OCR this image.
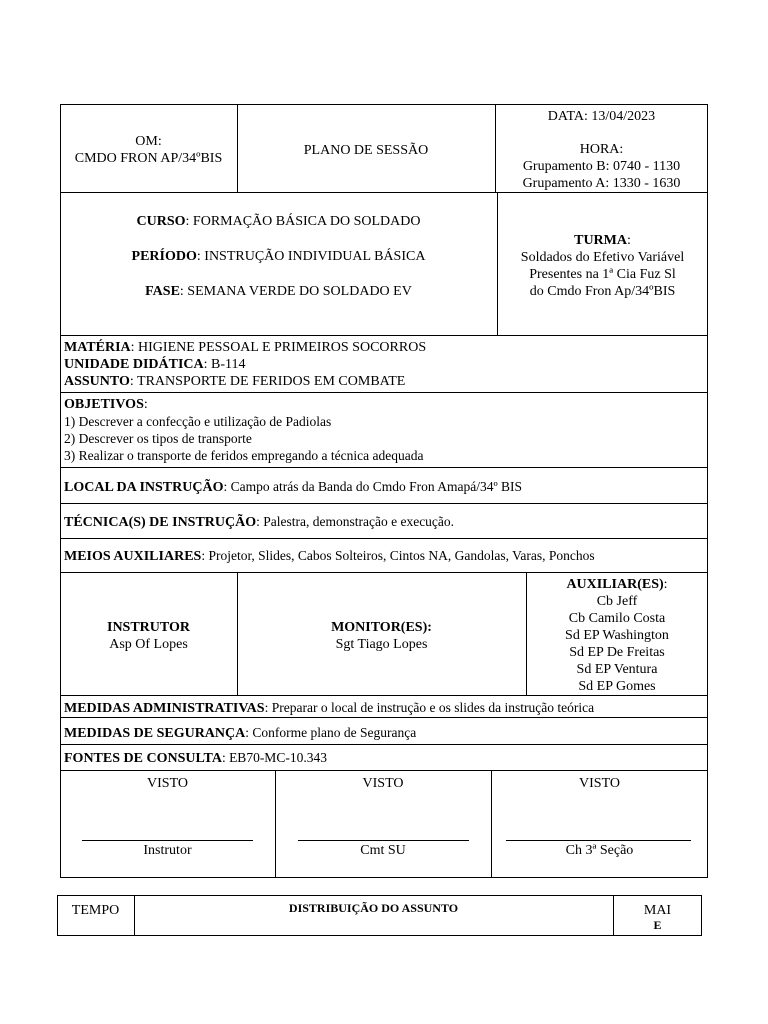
OM:
CMDO FRON AP/34ºBIS
PLANO DE SESSÃO
DATA: 13/04/2023
HORA:
Grupamento B: 0740 - 1130
Grupamento A: 1330 - 1630
CURSO: FORMAÇÃO BÁSICA DO SOLDADO
PERÍODO: INSTRUÇÃO INDIVIDUAL BÁSICA
FASE: SEMANA VERDE DO SOLDADO EV
TURMA:
Soldados do Efetivo Variável
Presentes na 1ª Cia Fuz Sl
do Cmdo Fron Ap/34ºBIS
MATÉRIA: HIGIENE PESSOAL E PRIMEIROS SOCORROS
UNIDADE DIDÁTICA: B-114
ASSUNTO: TRANSPORTE DE FERIDOS EM COMBATE
OBJETIVOS:
1) Descrever a confecção e utilização de Padiolas
2) Descrever os tipos de transporte
3) Realizar o transporte de feridos empregando a técnica adequada
LOCAL DA INSTRUÇÃO: Campo atrás da Banda do Cmdo Fron Amapá/34º BIS
TÉCNICA(S) DE INSTRUÇÃO: Palestra, demonstração e execução.
MEIOS AUXILIARES: Projetor, Slides, Cabos Solteiros, Cintos NA, Gandolas, Varas, Ponchos
INSTRUTOR
Asp Of Lopes
MONITOR(ES):
Sgt Tiago Lopes
AUXILIAR(ES):
Cb Jeff
Cb Camilo Costa
Sd EP Washington
Sd EP De Freitas
Sd EP Ventura
Sd EP Gomes
MEDIDAS ADMINISTRATIVAS: Preparar o local de instrução e os slides da instrução teórica
MEDIDAS DE SEGURANÇA: Conforme plano de Segurança
FONTES DE CONSULTA: EB70-MC-10.343
VISTO
Instrutor
VISTO
Cmt SU
VISTO
Ch 3ª Seção
TEMPO	DISTRIBUIÇÃO DO ASSUNTO	MAI
E
